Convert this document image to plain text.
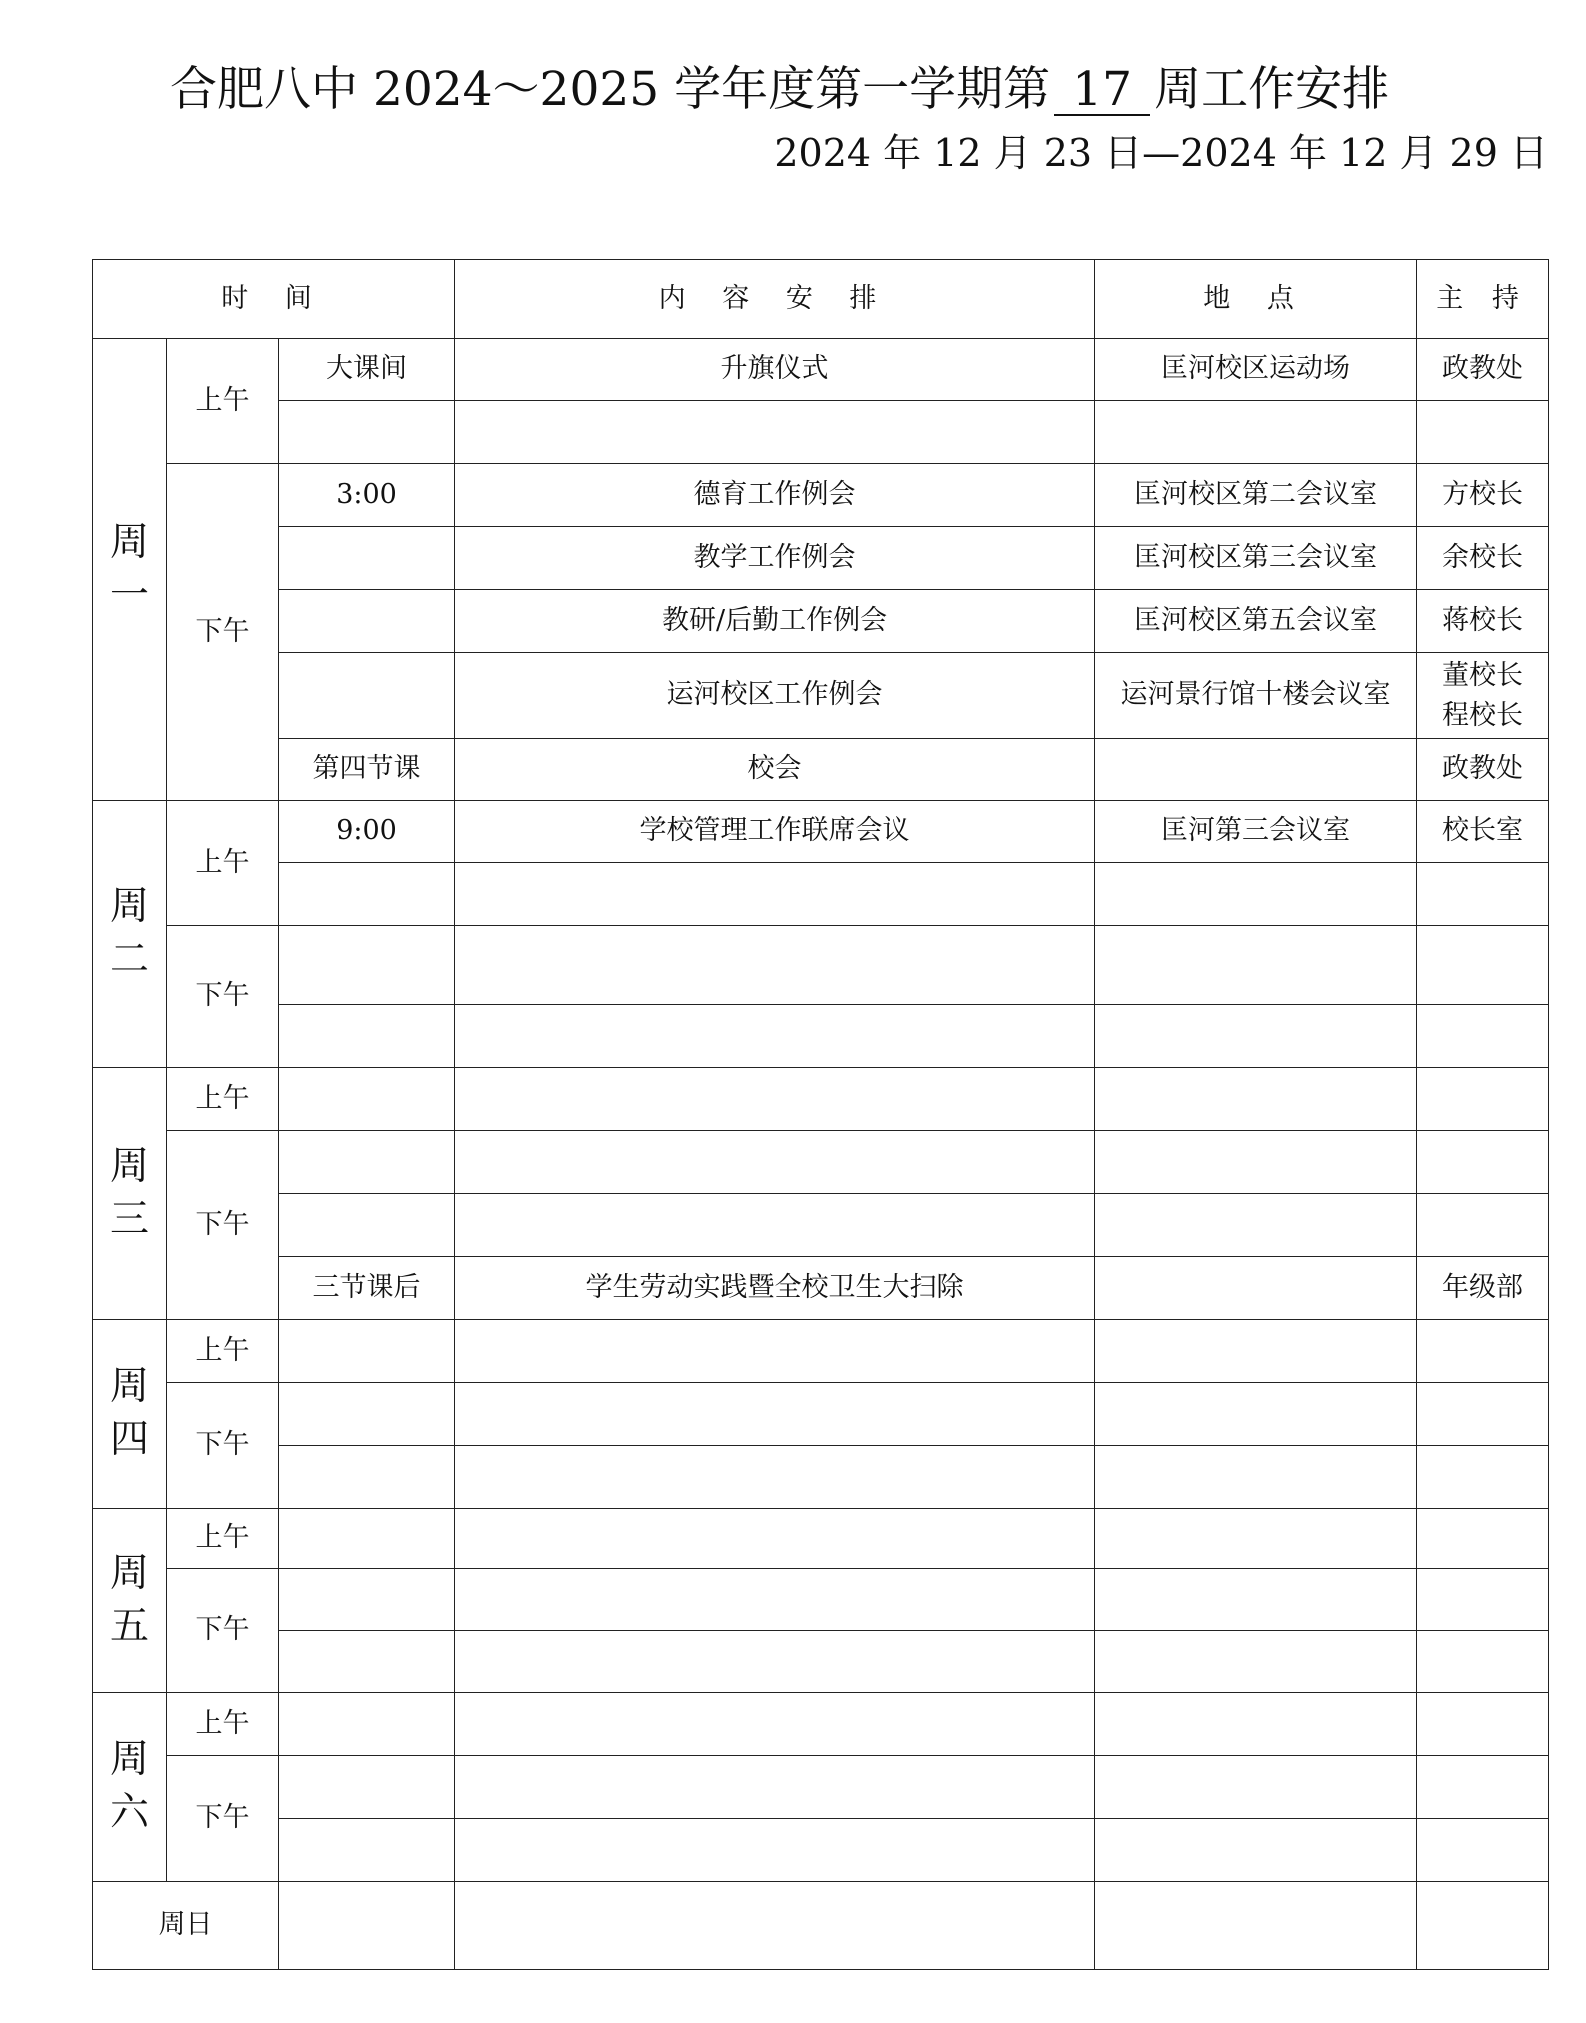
合肥八中 2024～2025 学年度第一学期第 17 周工作安排
2024 年 12 月 23 日—2024 年 12 月 29 日
时 间			内 容 安 排	地 点	主 持

周一	上午	大课间	升旗仪式	匡河校区运动场	政教处

	下午	3:00	德育工作例会	匡河校区第二会议室	方校长
			教学工作例会	匡河校区第三会议室	余校长
			教研/后勤工作例会	匡河校区第五会议室	蒋校长
			运河校区工作例会	运河景行馆十楼会议室	董校长
程校长

		第四节课	校会		政教处

周二	上午	9:00	学校管理工作联席会议	匡河第三会议室	校长室

	下午				

周三	上午				
	下午				

		三节课后	学生劳动实践暨全校卫生大扫除		年级部

周四	上午				
	下午				

周五	上午				
	下午				

周六	上午				
	下午				

周日					
